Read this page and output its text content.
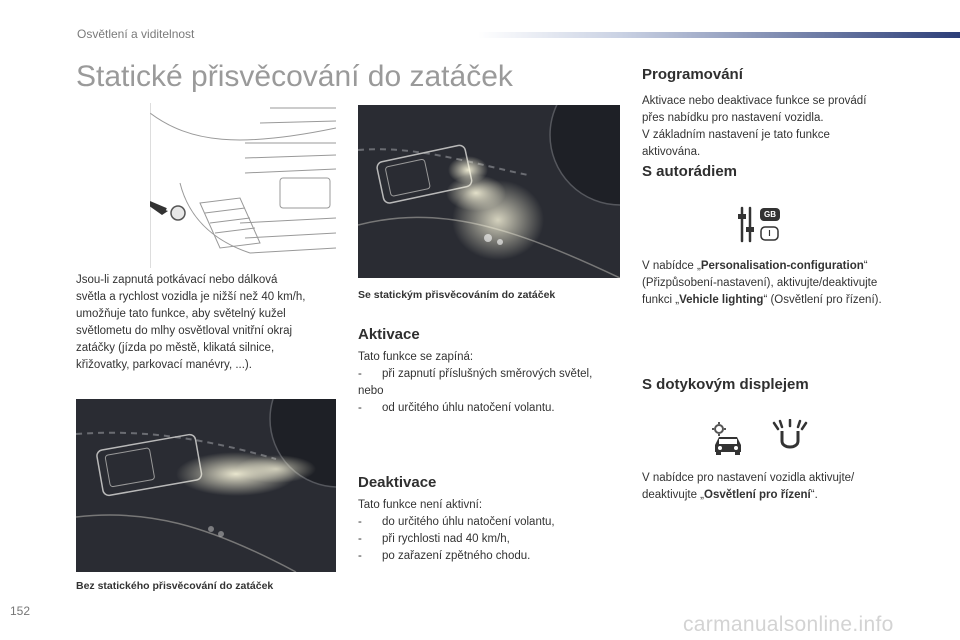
Osvětlení a viditelnost
Statické přisvěcování do zatáček

Jsou-li zapnutá potkávací nebo dálková

světla a rychlost vozidla je nižší než 40 km/h,

umožňuje tato funkce, aby světelný kužel

světlometu do mlhy osvětloval vnitřní okraj

zatáčky (jízda po městě, klikatá silnice,

křižovatky, parkovací manévry, ...).

Se statickým přisvěcováním do zatáček

Aktivace

Tato funkce se zapíná:

-	při zapnutí příslušných směrových světel,

nebo

-	od určitého úhlu natočení volantu.

Bez statického přisvěcování do zatáček

Deaktivace

Tato funkce není aktivní:

-	do určitého úhlu natočení volantu,
-	při rychlosti nad 40 km/h,
-	po zařazení zpětného chodu.
Programování

Aktivace nebo deaktivace funkce se provádí

přes nabídku pro nastavení vozidla.

V základním nastavení je tato funkce

aktivována.

S autorádiem
GB
I

V nabídce „Personalisation-configuration“

(Přizpůsobení-nastavení), aktivujte/deaktivujte

funkci „Vehicle lighting“ (Osvětlení pro řízení).

S dotykovým displejem

V nabídce pro nastavení vozidla aktivujte/

deaktivujte „Osvětlení pro řízení“.

152
carmanualsonline.info
